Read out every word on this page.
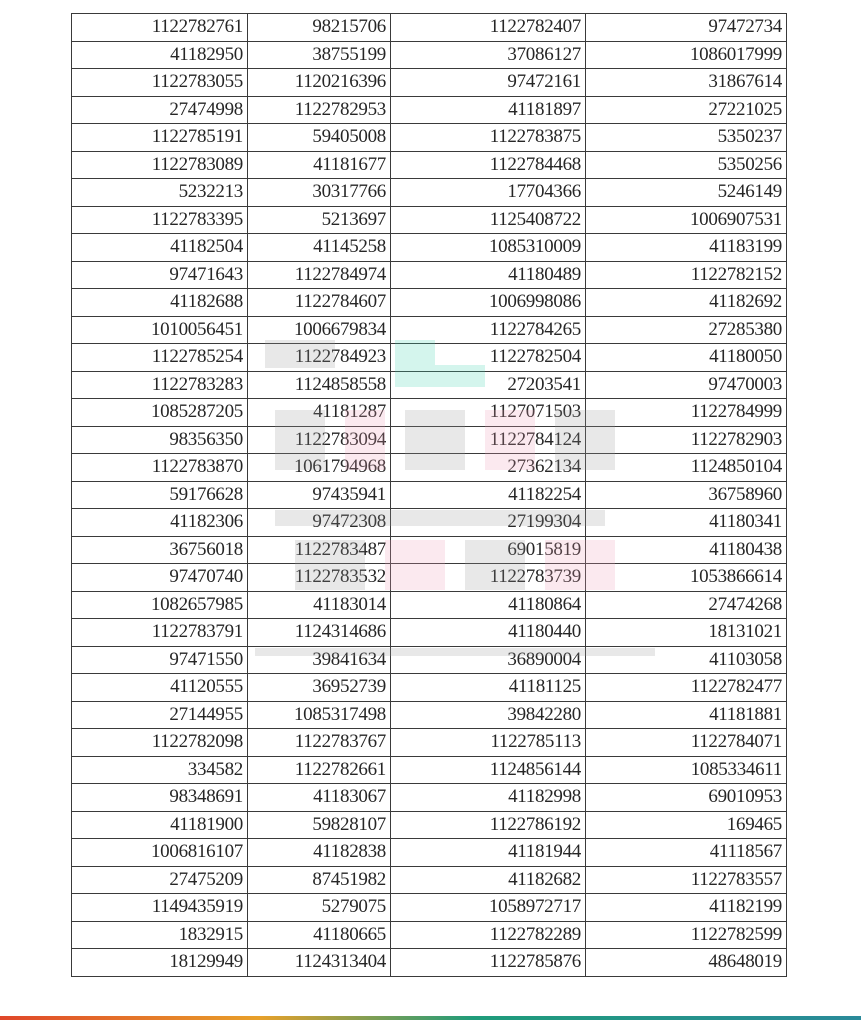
1122782761	98215706	1122782407	97472734
41182950	38755199	37086127	1086017999
1122783055	1120216396	97472161	31867614
27474998	1122782953	41181897	27221025
1122785191	59405008	1122783875	5350237
1122783089	41181677	1122784468	5350256
5232213	30317766	17704366	5246149
1122783395	5213697	1125408722	1006907531
41182504	41145258	1085310009	41183199
97471643	1122784974	41180489	1122782152
41182688	1122784607	1006998086	41182692
1010056451	1006679834	1122784265	27285380
1122785254	1122784923	1122782504	41180050
1122783283	1124858558	27203541	97470003
1085287205	41181287	1127071503	1122784999
98356350	1122783094	1122784124	1122782903
1122783870	1061794968	27362134	1124850104
59176628	97435941	41182254	36758960
41182306	97472308	27199304	41180341
36756018	1122783487	69015819	41180438
97470740	1122783532	1122783739	1053866614
1082657985	41183014	41180864	27474268
1122783791	1124314686	41180440	18131021
97471550	39841634	36890004	41103058
41120555	36952739	41181125	1122782477
27144955	1085317498	39842280	41181881
1122782098	1122783767	1122785113	1122784071
334582	1122782661	1124856144	1085334611
98348691	41183067	41182998	69010953
41181900	59828107	1122786192	169465
1006816107	41182838	41181944	41118567
27475209	87451982	41182682	1122783557
1149435919	5279075	1058972717	41182199
1832915	41180665	1122782289	1122782599
18129949	1124313404	1122785876	48648019
